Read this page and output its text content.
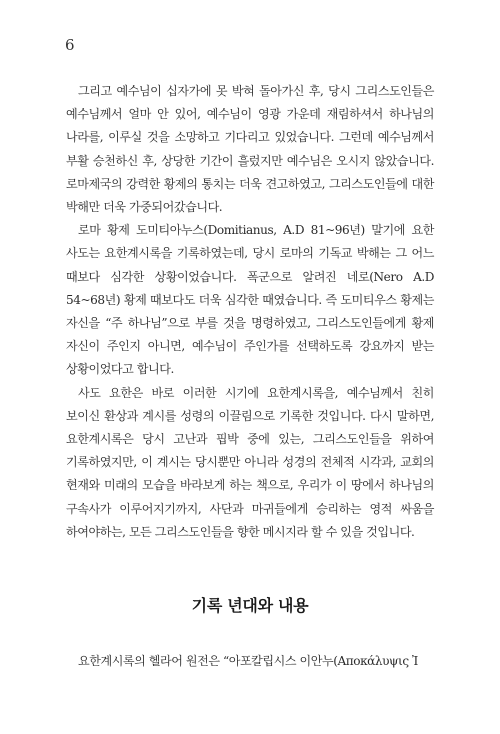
6

그리고 예수님이 십자가에 못 박혀 돌아가신 후, 당시 그리스도인들은 예수님께서 얼마 안 있어, 예수님이 영광 가운데 재림하셔서 하나님의 나라를, 이루실 것을 소망하고 기다리고 있었습니다. 그런데 예수님께서 부활 승천하신 후, 상당한 기간이 흘렀지만 예수님은 오시지 않았습니다. 로마제국의 강력한 황제의 통치는 더욱 견고하였고, 그리스도인들에 대한 박해만 더욱 가중되어갔습니다.

로마 황제 도미티아누스(Domitianus, A.D 81~96년) 말기에 요한 사도는 요한계시록을 기록하였는데, 당시 로마의 기독교 박해는 그 어느 때보다 심각한 상황이었습니다. 폭군으로 알려진 네로(Nero A.D 54~68년) 황제 때보다도 더욱 심각한 때였습니다. 즉 도미티우스 황제는 자신을 “주 하나님”으로 부를 것을 명령하였고, 그리스도인들에게 황제 자신이 주인지 아니면, 예수님이 주인가를 선택하도록 강요까지 받는 상황이었다고 합니다.

사도 요한은 바로 이러한 시기에 요한계시록을, 예수님께서 친히 보이신 환상과 계시를 성령의 이끌림으로 기록한 것입니다. 다시 말하면, 요한계시록은 당시 고난과 핍박 중에 있는, 그리스도인들을 위하여 기록하였지만, 이 계시는 당시뿐만 아니라 성경의 전체적 시각과, 교회의 현재와 미래의 모습을 바라보게 하는 책으로, 우리가 이 땅에서 하나님의 구속사가 이루어지기까지, 사단과 마귀들에게 승리하는 영적 싸움을 하여야하는, 모든 그리스도인들을 향한 메시지라 할 수 있을 것입니다.

기록 년대와 내용

요한계시록의 헬라어 원전은 “아포칼립시스 이안누(Αποκάλυψις Ἰ
